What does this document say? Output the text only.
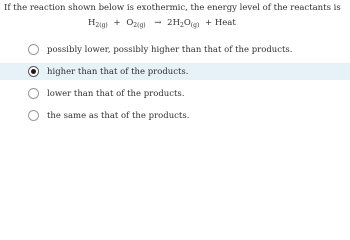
If the reaction shown below is exothermic, the energy level of the reactants is
$H_{2(g)} + O_{2(g)} \to 2H_2O_{(g)}$ + Heat
possibly lower, possibly higher than that of the products.
higher than that of the products.
lower than that of the products.
the same as that of the products.
